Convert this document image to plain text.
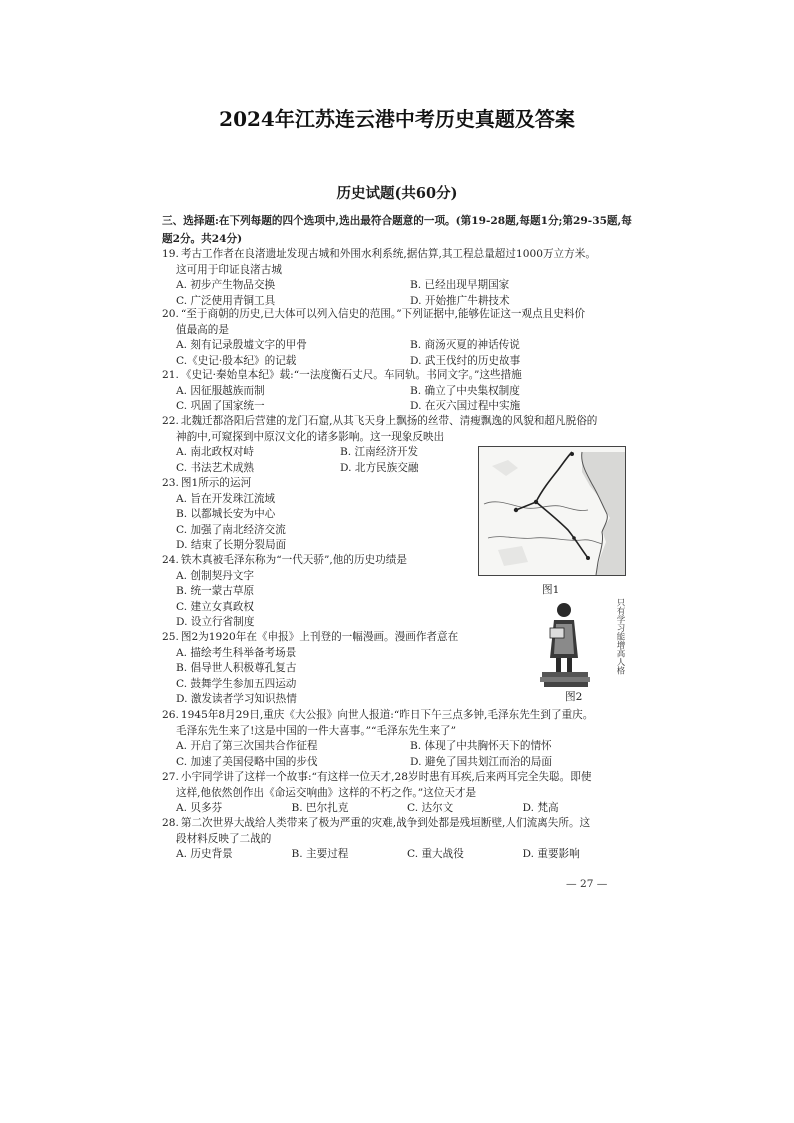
2024年江苏连云港中考历史真题及答案
历史试题(共60分)
三、选择题:在下列每题的四个选项中,选出最符合题意的一项。(第19-28题,每题1分;第29-35题,每题2分。共24分)

19. 考古工作者在良渚遗址发现古城和外围水利系统,据估算,其工程总量超过1000万立方米。

这可用于印证良渚古城

A. 初步产生物品交换	B. 已经出现早期国家
C. 广泛使用青铜工具	D. 开始推广牛耕技术

20. “至于商朝的历史,已大体可以列入信史的范围。”下列证据中,能够佐证这一观点且史料价

值最高的是

A. 刻有记录殷墟文字的甲骨	B. 商汤灭夏的神话传说
C.《史记·殷本纪》的记载	D. 武王伐纣的历史故事

21. 《史记·秦始皇本纪》载:“一法度衡石丈尺。车同轨。书同文字。”这些措施

A. 因征服越族而制	B. 确立了中央集权制度
C. 巩固了国家统一	D. 在灭六国过程中实施

22. 北魏迁都洛阳后营建的龙门石窟,从其飞天身上飘扬的丝带、清瘦飘逸的风貌和超凡脱俗的

神韵中,可窥探到中原汉文化的诸多影响。这一现象反映出

A. 南北政权对峙	B. 江南经济开发
C. 书法艺术成熟	D. 北方民族交融

23. 图1所示的运河

A. 旨在开发珠江流域
B. 以都城长安为中心
C. 加强了南北经济交流
D. 结束了长期分裂局面

24. 铁木真被毛泽东称为“一代天骄”,他的历史功绩是

A. 创制契丹文字
B. 统一蒙古草原
C. 建立女真政权
D. 设立行省制度

25. 图2为1920年在《申报》上刊登的一幅漫画。漫画作者意在

A. 描绘考生科举备考场景
B. 倡导世人积极尊孔复古
C. 鼓舞学生参加五四运动
D. 激发读者学习知识热情

26. 1945年8月29日,重庆《大公报》向世人报道:“昨日下午三点多钟,毛泽东先生到了重庆。

毛泽东先生来了!这是中国的一件大喜事。”“毛泽东先生来了”

A. 开启了第三次国共合作征程	B. 体现了中共胸怀天下的情怀
C. 加速了美国侵略中国的步伐	D. 避免了国共划江而治的局面

27. 小宇同学讲了这样一个故事:“有这样一位天才,28岁时患有耳疾,后来两耳完全失聪。即使

这样,他依然创作出《命运交响曲》这样的不朽之作。”这位天才是

A. 贝多芬	B. 巴尔扎克	C. 达尔文	D. 梵高

28. 第二次世界大战给人类带来了极为严重的灾难,战争到处都是残垣断壁,人们流离失所。这

段材料反映了二战的

A. 历史背景	B. 主要过程	C. 重大战役	D. 重要影响
图1
只有学习能增高人格
图2
— 27 —
